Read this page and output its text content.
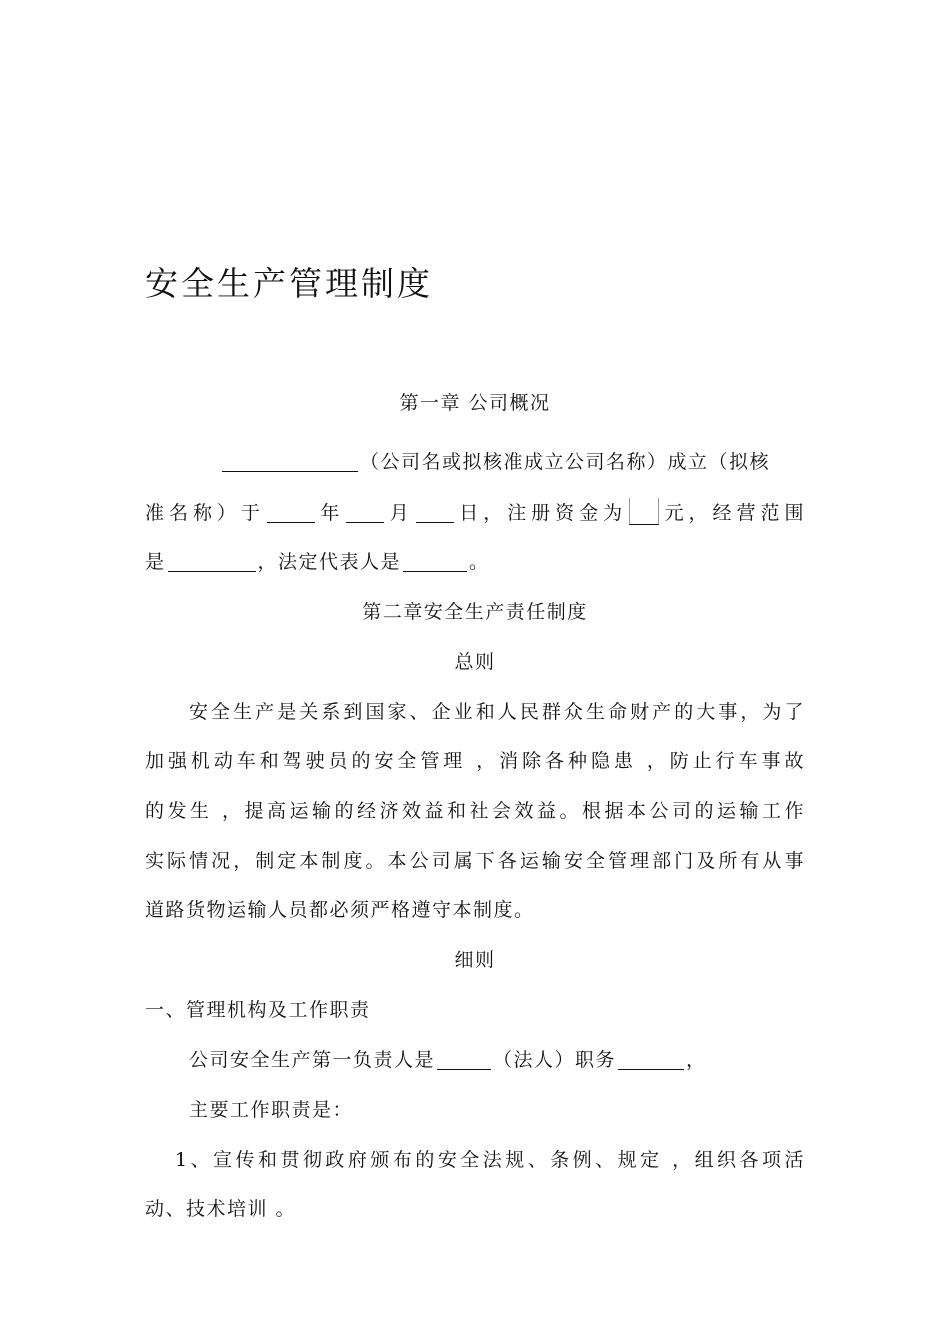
安全生产管理制度
第一章 公司概况
（公司名或拟核准成立公司名称）成立（拟核
准名称）于	年 月 日，注册资金为 元，经营范围
是	，法定代表人是	。
第二章安全生产责任制度
总则
安全生产是关系到国家、企业和人民群众生命财产的大事，为了
加强机动车和驾驶员的安全管理 ，消除各种隐患 ，防止行车事故
的发生 ，提高运输的经济效益和社会效益。根据本公司的运输工作
实际情况，制定本制度。本公司属下各运输安全管理部门及所有从事
道路货物运输人员都必须严格遵守本制度。
细则
一、管理机构及工作职责
公司安全生产第一负责人是	（法人）职务	，
主要工作职责是：
1、宣传和贯彻政府颁布的安全法规、条例、规定 ，组织各项活
动、技术培训 。
